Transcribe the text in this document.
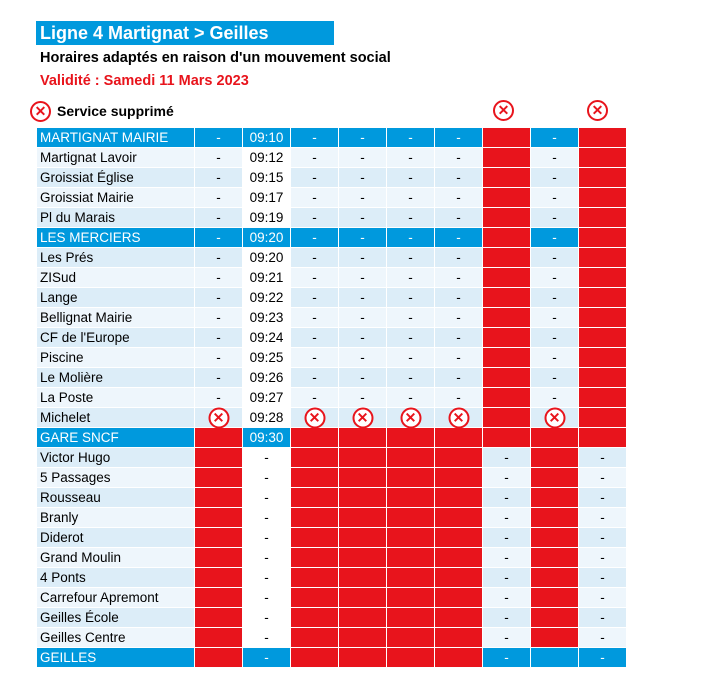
Ligne 4 Martignat > Geilles
Horaires adaptés en raison d'un mouvement social
Validité : Samedi 11 Mars 2023
✕ Service supprimé	✕	✕
MARTIGNAT MAIRIE	-	09:10	-	-	-	-		-	
Martignat Lavoir	-	09:12	-	-	-	-		-	
Groissiat Église	-	09:15	-	-	-	-		-	
Groissiat Mairie	-	09:17	-	-	-	-		-	
Pl du Marais	-	09:19	-	-	-	-		-	
LES MERCIERS	-	09:20	-	-	-	-		-	
Les Prés	-	09:20	-	-	-	-		-	
ZISud	-	09:21	-	-	-	-		-	
Lange	-	09:22	-	-	-	-		-	
Bellignat Mairie	-	09:23	-	-	-	-		-	
CF de l'Europe	-	09:24	-	-	-	-		-	
Piscine	-	09:25	-	-	-	-		-	
Le Molière	-	09:26	-	-	-	-		-	
La Poste	-	09:27	-	-	-	-		-	
Michelet	✕	09:28	✕	✕	✕	✕		✕	

GARE SNCF		09:30							
Victor Hugo		-					-		-
5 Passages		-					-		-
Rousseau		-					-		-
Branly		-					-		-
Diderot		-					-		-
Grand Moulin		-					-		-
4 Ponts		-					-		-
Carrefour Apremont		-					-		-
Geilles École		-					-		-
Geilles Centre		-					-		-
GEILLES		-					-		-
